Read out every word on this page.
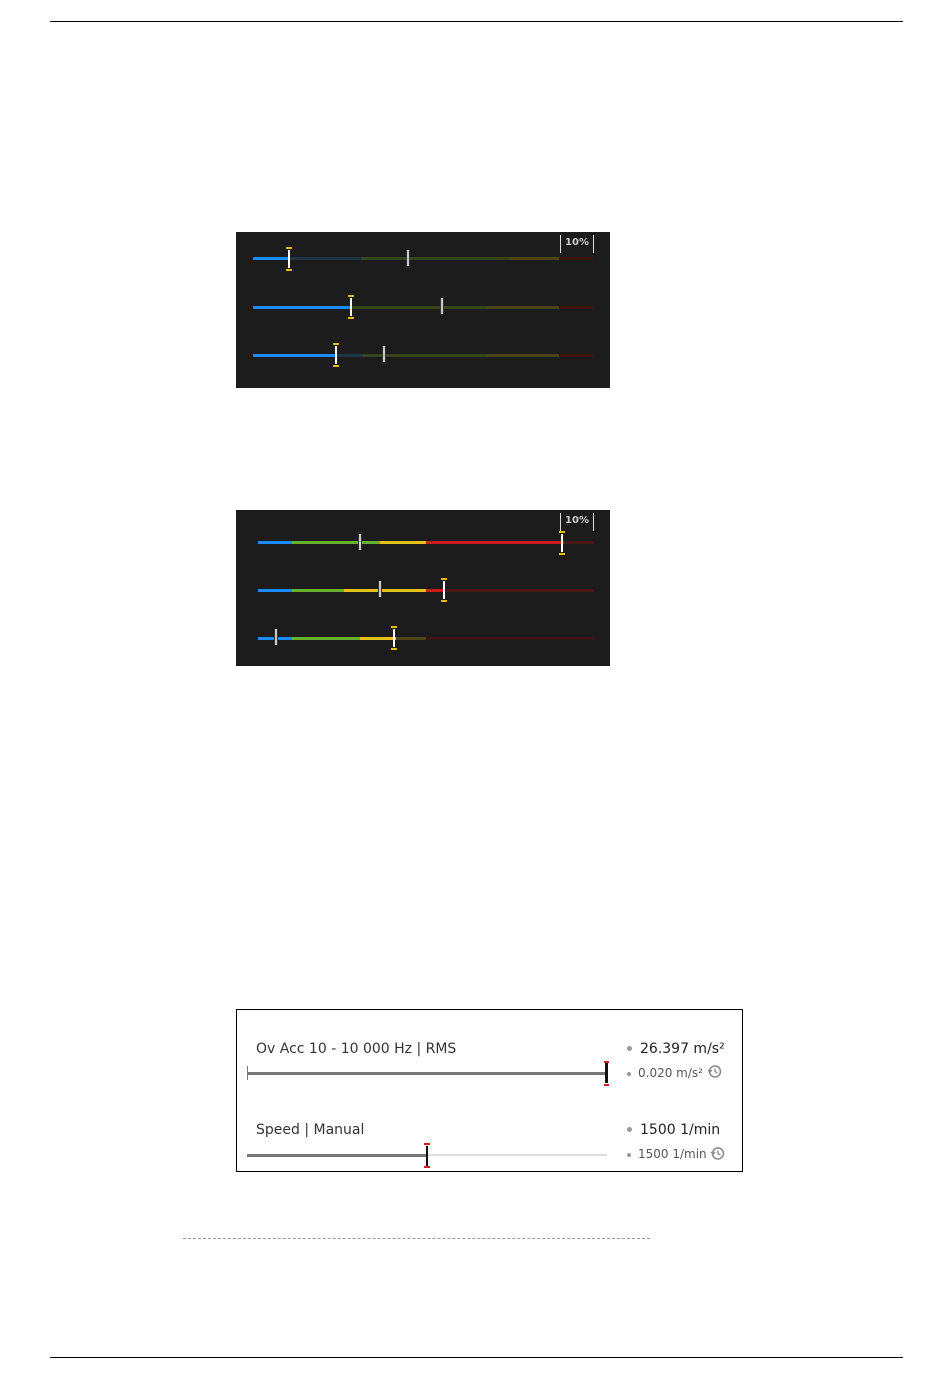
10%
10%
Ov Acc 10 - 10 000 Hz | RMS	26.397 m/s²
0.020 m/s²
Speed | Manual	1500 1/min
1500 1/min
